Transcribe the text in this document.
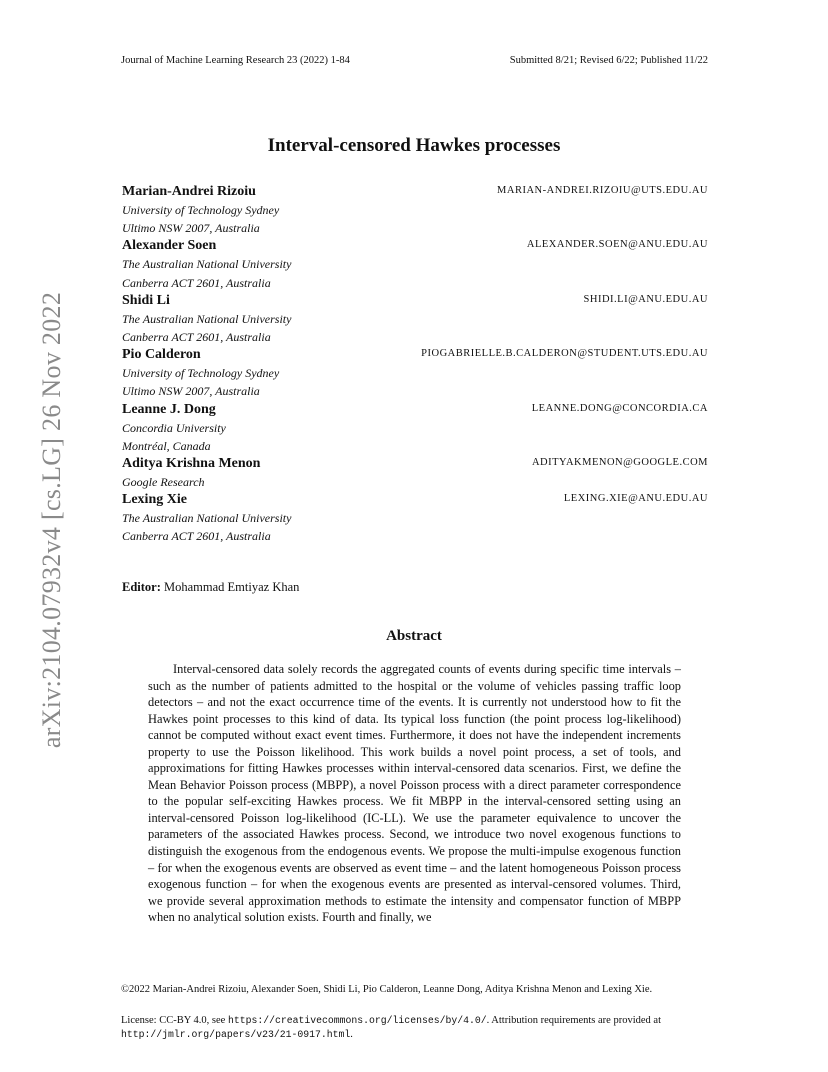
Journal of Machine Learning Research 23 (2022) 1-84	Submitted 8/21; Revised 6/22; Published 11/22
arXiv:2104.07932v4 [cs.LG] 26 Nov 2022
Interval-censored Hawkes processes
Marian-Andrei Rizoiu	MARIAN-ANDREI.RIZOIU@UTS.EDU.AU
University of Technology Sydney
Ultimo NSW 2007, Australia
Alexander Soen	ALEXANDER.SOEN@ANU.EDU.AU
The Australian National University
Canberra ACT 2601, Australia
Shidi Li	SHIDI.LI@ANU.EDU.AU
The Australian National University
Canberra ACT 2601, Australia
Pio Calderon	PIOGABRIELLE.B.CALDERON@STUDENT.UTS.EDU.AU
University of Technology Sydney
Ultimo NSW 2007, Australia
Leanne J. Dong	LEANNE.DONG@CONCORDIA.CA
Concordia University
Montréal, Canada
Aditya Krishna Menon	ADITYAKMENON@GOOGLE.COM
Google Research
Lexing Xie	LEXING.XIE@ANU.EDU.AU
The Australian National University
Canberra ACT 2601, Australia
Editor: Mohammad Emtiyaz Khan
Abstract
Interval-censored data solely records the aggregated counts of events during specific time intervals – such as the number of patients admitted to the hospital or the volume of vehicles passing traffic loop detectors – and not the exact occurrence time of the events. It is currently not understood how to fit the Hawkes point processes to this kind of data. Its typical loss function (the point process log-likelihood) cannot be computed without exact event times. Furthermore, it does not have the independent increments property to use the Poisson likelihood. This work builds a novel point process, a set of tools, and approximations for fitting Hawkes processes within interval-censored data scenarios. First, we define the Mean Behavior Poisson process (MBPP), a novel Poisson process with a direct parameter correspondence to the popular self-exciting Hawkes process. We fit MBPP in the interval-censored setting using an interval-censored Poisson log-likelihood (IC-LL). We use the parameter equivalence to uncover the parameters of the associated Hawkes process. Second, we introduce two novel exogenous functions to distinguish the exogenous from the endogenous events. We propose the multi-impulse exogenous function – for when the exogenous events are observed as event time – and the latent homogeneous Poisson process exogenous function – for when the exogenous events are presented as interval-censored volumes. Third, we provide several approximation methods to estimate the intensity and compensator function of MBPP when no analytical solution exists. Fourth and finally, we
©2022 Marian-Andrei Rizoiu, Alexander Soen, Shidi Li, Pio Calderon, Leanne Dong, Aditya Krishna Menon and Lexing Xie.
License: CC-BY 4.0, see https://creativecommons.org/licenses/by/4.0/. Attribution requirements are provided at http://jmlr.org/papers/v23/21-0917.html.
